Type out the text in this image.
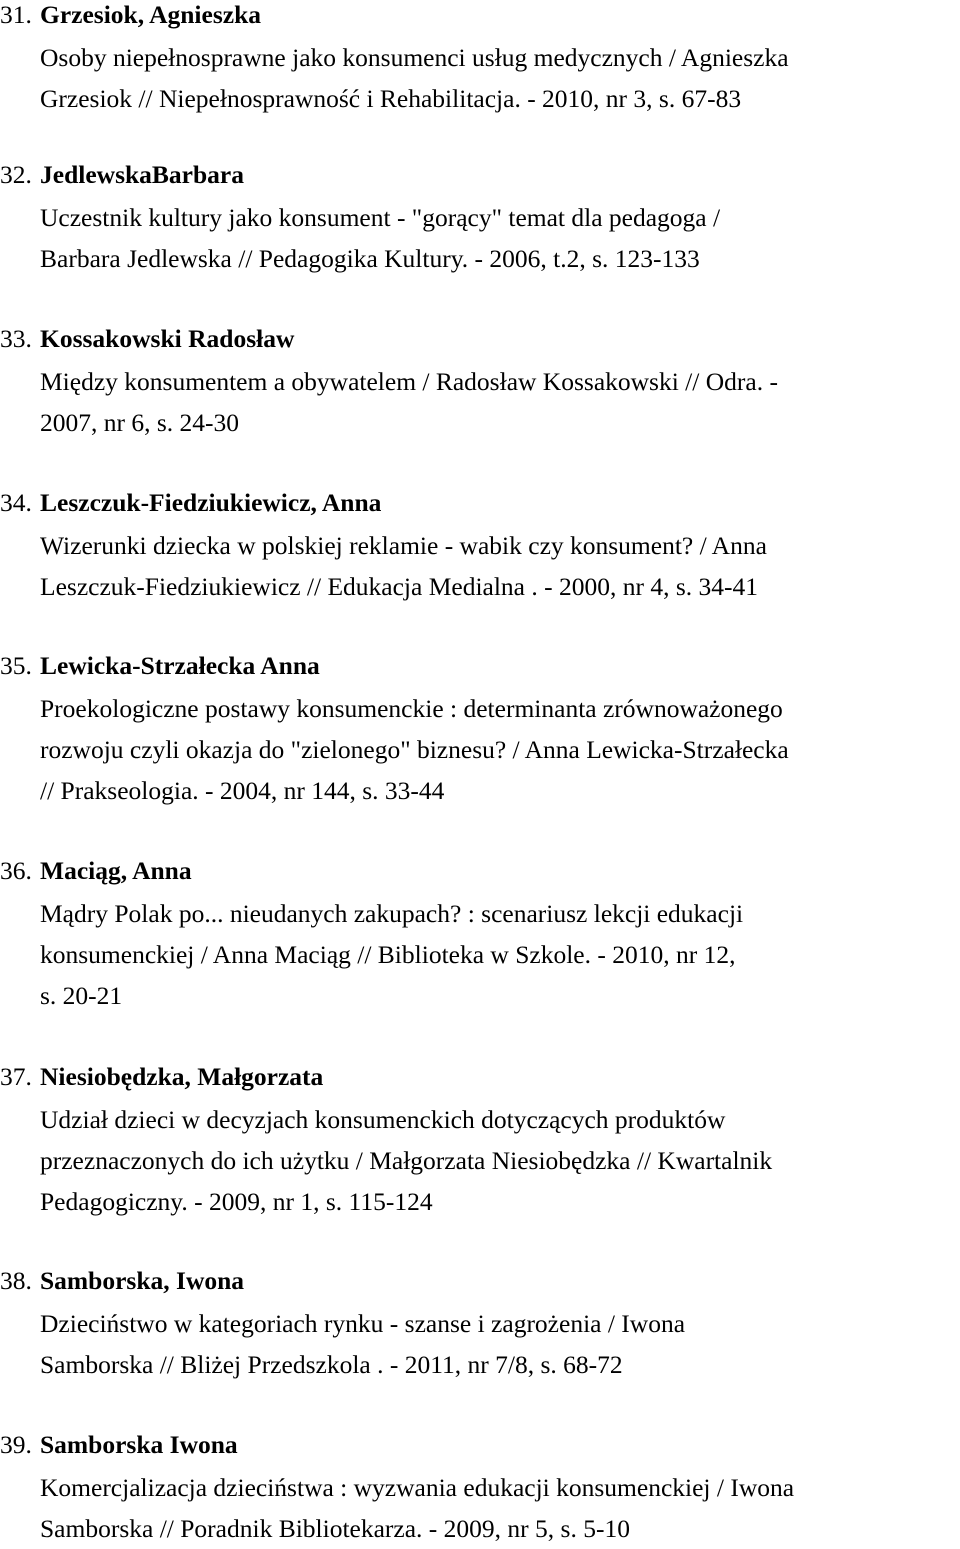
31. Grzesiok, Agnieszka
Osoby niepełnosprawne jako konsumenci usług medycznych / Agnieszka
Grzesiok // Niepełnosprawność i Rehabilitacja. - 2010, nr 3, s. 67-83
32. JedlewskaBarbara
Uczestnik kultury jako konsument - "gorący" temat dla pedagoga /
Barbara Jedlewska // Pedagogika Kultury. - 2006, t.2, s. 123-133
33. Kossakowski Radosław
Między konsumentem a obywatelem / Radosław Kossakowski // Odra. -
2007, nr 6, s. 24-30
34. Leszczuk-Fiedziukiewicz, Anna
Wizerunki dziecka w polskiej reklamie - wabik czy konsument? / Anna
Leszczuk-Fiedziukiewicz // Edukacja Medialna . - 2000, nr 4, s. 34-41
35. Lewicka-Strzałecka Anna
Proekologiczne postawy konsumenckie : determinanta zrównoważonego
rozwoju czyli okazja do "zielonego" biznesu? / Anna Lewicka-Strzałecka
// Prakseologia. - 2004, nr 144, s. 33-44
36. Maciąg, Anna
Mądry Polak po... nieudanych zakupach? : scenariusz lekcji edukacji
konsumenckiej / Anna Maciąg // Biblioteka w Szkole. - 2010, nr 12,
s. 20-21
37. Niesiobędzka, Małgorzata
Udział dzieci w decyzjach konsumenckich dotyczących produktów
przeznaczonych do ich użytku / Małgorzata Niesiobędzka // Kwartalnik
Pedagogiczny. - 2009, nr 1, s. 115-124
38. Samborska, Iwona
Dzieciństwo w kategoriach rynku - szanse i zagrożenia / Iwona
Samborska // Bliżej Przedszkola . - 2011, nr 7/8, s. 68-72
39. Samborska Iwona
Komercjalizacja dzieciństwa : wyzwania edukacji konsumenckiej / Iwona
Samborska // Poradnik Bibliotekarza. - 2009, nr 5, s. 5-10
